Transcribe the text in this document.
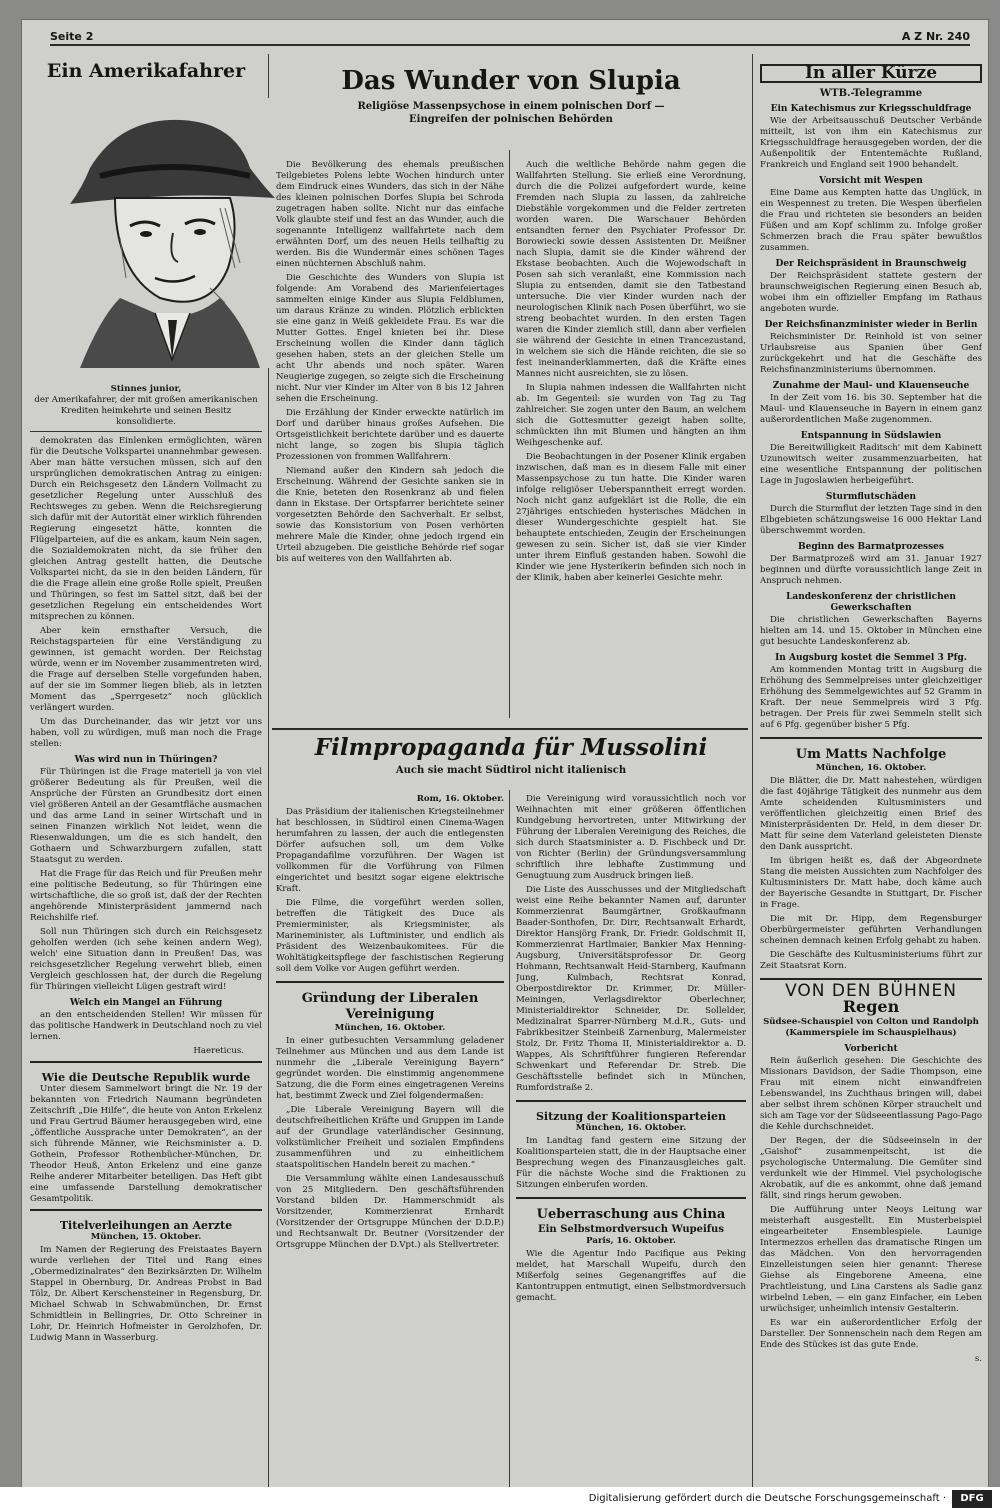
Seite 2	A Z Nr. 240
Ein Amerikafahrer
Stinnes junior,
der Amerikafahrer, der mit großen amerikanischen Krediten heimkehrte und seinen Besitz konsolidierte.

demokraten das Einlenken ermöglichten, wären für die Deutsche Volkspartei unannehmbar gewesen. Aber man hätte versuchen müssen, sich auf den ursprünglichen demokratischen Antrag zu einigen: Durch ein Reichsgesetz den Ländern Vollmacht zu gesetzlicher Regelung unter Ausschluß des Rechtsweges zu geben. Wenn die Reichsregierung sich dafür mit der Autorität einer wirklich führenden Regierung eingesetzt hätte, konnten die Flügelparteien, auf die es ankam, kaum Nein sagen, die Sozialdemokraten nicht, da sie früher den gleichen Antrag gestellt hatten, die Deutsche Volkspartei nicht, da sie in den beiden Ländern, für die die Frage allein eine große Rolle spielt, Preußen und Thüringen, so fest im Sattel sitzt, daß bei der gesetzlichen Regelung ein entscheidendes Wort mitsprechen zu können.

Aber kein ernsthafter Versuch, die Reichstagsparteien für eine Verständigung zu gewinnen, ist gemacht worden. Der Reichstag würde, wenn er im November zusammentreten wird, die Frage auf derselben Stelle vorgefunden haben, auf der sie im Sommer liegen blieb, als in letzten Moment das „Sperrgesetz“ noch glücklich verlängert wurden.

Um das Durcheinander, das wir jetzt vor uns haben, voll zu würdigen, muß man noch die Frage stellen:

Was wird nun in Thüringen?

Für Thüringen ist die Frage materiell ja von viel größerer Bedeutung als für Preußen, weil die Ansprüche der Fürsten an Grundbesitz dort einen viel größeren Anteil an der Gesamtfläche ausmachen und das arme Land in seiner Wirtschaft und in seinen Finanzen wirklich Not leidet, wenn die Riesenwaldungen, um die es sich handelt, den Gothaern und Schwarzburgern zufallen, statt Staatsgut zu werden.

Hat die Frage für das Reich und für Preußen mehr eine politische Bedeutung, so für Thüringen eine wirtschaftliche, die so groß ist, daß der der Rechten angehörende Ministerpräsident jammernd nach Reichshilfe rief.

Soll nun Thüringen sich durch ein Reichsgesetz geholfen werden (ich sehe keinen andern Weg), welch' eine Situation dann in Preußen! Das, was reichsgesetzlicher Regelung verwehrt blieb, einen Vergleich geschlossen hat, der durch die Regelung für Thüringen vielleicht Lügen gestraft wird!

Welch ein Mangel an Führung

an den entscheidenden Stellen! Wir müssen für das politische Handwerk in Deutschland noch zu viel lernen.

Haereticus.
Wie die Deutsche Republik wurde

Unter diesem Sammelwort bringt die Nr. 19 der bekannten von Friedrich Naumann begründeten Zeitschrift „Die Hilfe“, die heute von Anton Erkelenz und Frau Gertrud Bäumer herausgegeben wird, eine „öffentliche Aussprache unter Demokraten“, an der sich führende Männer, wie Reichsminister a. D. Gothein, Professor Rothenbücher-München, Dr. Theodor Heuß, Anton Erkelenz und eine ganze Reihe anderer Mitarbeiter beteiligen. Das Heft gibt eine umfassende Darstellung demokratischer Gesamtpolitik.

Titelverleihungen an Aerzte
München, 15. Oktober.

Im Namen der Regierung des Freistaates Bayern wurde verliehen der Titel und Rang eines „Obermedizinalrates“ den Bezirksärzten Dr. Wilhelm Stappel in Obernburg, Dr. Andreas Probst in Bad Tölz, Dr. Albert Kerschensteiner in Regensburg, Dr. Michael Schwab in Schwabmünchen, Dr. Ernst Schmidtlein in Bellingries, Dr. Otto Schreiner in Lohr, Dr. Heinrich Hofmeister in Gerolzhofen, Dr. Ludwig Mann in Wasserburg.

Das Wunder von Slupia
Religiöse Massenpsychose in einem polnischen Dorf — Eingreifen der polnischen Behörden

Die Bevölkerung des ehemals preußischen Teilgebietes Polens lebte Wochen hindurch unter dem Eindruck eines Wunders, das sich in der Nähe des kleinen polnischen Dorfes Slupia bei Schroda zugetragen haben sollte. Nicht nur das einfache Volk glaubte steif und fest an das Wunder, auch die sogenannte Intelligenz wallfahrtete nach dem erwähnten Dorf, um des neuen Heils teilhaftig zu werden. Bis die Wundermär eines schönen Tages einen nüchternen Abschluß nahm.

Die Geschichte des Wunders von Slupia ist folgende: Am Vorabend des Marienfeiertages sammelten einige Kinder aus Slupia Feldblumen, um daraus Kränze zu winden. Plötzlich erblickten sie eine ganz in Weiß gekleidete Frau. Es war die Mutter Gottes. Engel knieten bei ihr. Diese Erscheinung wollen die Kinder dann täglich gesehen haben, stets an der gleichen Stelle um acht Uhr abends und noch später. Waren Neugierige zugegen, so zeigte sich die Erscheinung nicht. Nur vier Kinder im Alter von 8 bis 12 Jahren sehen die Erscheinung.

Die Erzählung der Kinder erweckte natürlich im Dorf und darüber hinaus großes Aufsehen. Die Ortsgeistlichkeit berichtete darüber und es dauerte nicht lange, so zogen bis Slupia täglich Prozessionen von frommen Wallfahrern.

Niemand außer den Kindern sah jedoch die Erscheinung. Während der Gesichte sanken sie in die Knie, beteten den Rosenkranz ab und fielen dann in Ekstase. Der Ortspfarrer berichtete seiner vorgesetzten Behörde den Sachverhalt. Er selbst, sowie das Konsistorium von Posen verhörten mehrere Male die Kinder, ohne jedoch irgend ein Urteil abzugeben. Die geistliche Behörde rief sogar bis auf weiteres von den Wallfahrten ab.

Auch die weltliche Behörde nahm gegen die Wallfahrten Stellung. Sie erließ eine Verordnung, durch die die Polizei aufgefordert wurde, keine Fremden nach Slupia zu lassen, da zahlreiche Diebstähle vorgekommen und die Felder zertreten worden waren. Die Warschauer Behörden entsandten ferner den Psychiater Professor Dr. Borowiecki sowie dessen Assistenten Dr. Meißner nach Slupia, damit sie die Kinder während der Ekstase beobachten. Auch die Wojewodschaft in Posen sah sich veranlaßt, eine Kommission nach Slupia zu entsenden, damit sie den Tatbestand untersuche. Die vier Kinder wurden nach der neurologischen Klinik nach Posen überführt, wo sie streng beobachtet wurden. In den ersten Tagen waren die Kinder ziemlich still, dann aber verfielen sie während der Gesichte in einen Trancezustand, in welchem sie sich die Hände reichten, die sie so fest ineinanderklammerten, daß die Kräfte eines Mannes nicht ausreichten, sie zu lösen.

In Slupia nahmen indessen die Wallfahrten nicht ab. Im Gegenteil: sie wurden von Tag zu Tag zahlreicher. Sie zogen unter den Baum, an welchem sich die Gottesmutter gezeigt haben sollte, schmückten ihn mit Blumen und hängten an ihm Weihgeschenke auf.

Die Beobachtungen in der Posener Klinik ergaben inzwischen, daß man es in diesem Falle mit einer Massenpsychose zu tun hatte. Die Kinder waren infolge religiöser Ueberspanntheit erregt worden. Noch nicht ganz aufgeklärt ist die Rolle, die ein 27jähriges entschieden hysterisches Mädchen in dieser Wundergeschichte gespielt hat. Sie behauptete entschieden, Zeugin der Erscheinungen gewesen zu sein. Sicher ist, daß sie vier Kinder unter ihrem Einfluß gestanden haben. Sowohl die Kinder wie jene Hysterikerin befinden sich noch in der Klinik, haben aber keinerlei Gesichte mehr.

Filmpropaganda für Mussolini
Auch sie macht Südtirol nicht italienisch
Rom, 16. Oktober.

Das Präsidium der italienischen Kriegsteilnehmer hat beschlossen, in Südtirol einen Cinema-Wagen herumfahren zu lassen, der auch die entlegensten Dörfer aufsuchen soll, um dem Volke Propagandafilme vorzuführen. Der Wagen ist vollkommen für die Vorführung von Filmen eingerichtet und besitzt sogar eigene elektrische Kraft.

Die Filme, die vorgeführt werden sollen, betreffen die Tätigkeit des Duce als Premierminister, als Kriegsminister, als Marineminister, als Luftminister, und endlich als Präsident des Weizenbaukomitees. Für die Wohltätigkeitspflege der faschistischen Regierung soll dem Volke vor Augen geführt werden.

Gründung der Liberalen Vereinigung
München, 16. Oktober.

In einer gutbesuchten Versammlung geladener Teilnehmer aus München und aus dem Lande ist nunmehr die „Liberale Vereinigung Bayern“ gegründet worden. Die einstimmig angenommene Satzung, die die Form eines eingetragenen Vereins hat, bestimmt Zweck und Ziel folgendermaßen:

„Die Liberale Vereinigung Bayern will die deutschfreiheitlichen Kräfte und Gruppen im Lande auf der Grundlage vaterländischer Gesinnung, volkstümlicher Freiheit und sozialen Empfindens zusammenführen und zu einheitlichem staatspolitischen Handeln bereit zu machen.“

Die Versammlung wählte einen Landesausschuß von 25 Mitgliedern. Den geschäftsführenden Vorstand bilden Dr. Hammerschmidt als Vorsitzender, Kommerzienrat Ernhardt (Vorsitzender der Ortsgruppe München der D.D.P.) und Rechtsanwalt Dr. Beutner (Vorsitzender der Ortsgruppe München der D.Vpt.) als Stellvertreter.

Die Vereinigung wird voraussichtlich noch vor Weihnachten mit einer größeren öffentlichen Kundgebung hervortreten, unter Mitwirkung der Führung der Liberalen Vereinigung des Reiches, die sich durch Staatsminister a. D. Fischbeck und Dr. von Richter (Berlin) der Gründungsversammlung schriftlich ihre lebhafte Zustimmung und Genugtuung zum Ausdruck bringen ließ.

Die Liste des Ausschusses und der Mitgliedschaft weist eine Reihe bekannter Namen auf, darunter Kommerzienrat Baumgärtner, Großkaufmann Baader-Sonthofen, Dr. Dirr, Rechtsanwalt Erhardt, Direktor Hansjörg Frank, Dr. Friedr. Goldschmit II, Kommerzienrat Hartlmaier, Bankier Max Henning-Augsburg, Universitätsprofessor Dr. Georg Hohmann, Rechtsanwalt Heid-Starnberg, Kaufmann Jung, Kulmbach, Rechtsrat Konrad, Oberpostdirektor Dr. Krimmer, Dr. Müller-Meiningen, Verlagsdirektor Oberlechner, Ministerialdirektor Schneider, Dr. Sollelder, Medizinalrat Sparrer-Nürnberg M.d.R., Guts- und Fabrikbesitzer Steinbeiß Zarnenburg, Malermeister Stolz, Dr. Fritz Thoma II, Ministerialdirektor a. D. Wappes, Als Schriftführer fungieren Referendar Schwenkart und Referendar Dr. Streb. Die Geschäftsstelle befindet sich in München, Rumfordstraße 2.

Sitzung der Koalitionsparteien
München, 16. Oktober.

Im Landtag fand gestern eine Sitzung der Koalitionsparteien statt, die in der Hauptsache einer Besprechung wegen des Finanzausgleiches galt. Für die nächste Woche sind die Fraktionen zu Sitzungen einberufen worden.

Ueberraschung aus China
Ein Selbstmordversuch Wupeifus
Paris, 16. Oktober.

Wie die Agentur Indo Pacifique aus Peking meldet, hat Marschall Wupeifu, durch den Mißerfolg seines Gegenangriffes auf die Kantontruppen entmutigt, einen Selbstmordversuch gemacht.

In aller Kürze
WTB.-Telegramme
Ein Katechismus zur Kriegsschuldfrage

Wie der Arbeitsausschuß Deutscher Verbände mitteilt, ist von ihm ein Katechismus zur Kriegsschuldfrage herausgegeben worden, der die Außenpolitik der Ententemächte Rußland, Frankreich und England seit 1900 behandelt.

Vorsicht mit Wespen

Eine Dame aus Kempten hatte das Unglück, in ein Wespennest zu treten. Die Wespen überfielen die Frau und richteten sie besonders an beiden Füßen und am Kopf schlimm zu. Infolge großer Schmerzen brach die Frau später bewußtlos zusammen.

Der Reichspräsident in Braunschweig

Der Reichspräsident stattete gestern der braunschweigischen Regierung einen Besuch ab, wobei ihm ein offizieller Empfang im Rathaus angeboten wurde.

Der Reichsfinanzminister wieder in Berlin

Reichsminister Dr. Reinhold ist von seiner Urlaubsreise aus Spanien über Genf zurückgekehrt und hat die Geschäfte des Reichsfinanzministeriums übernommen.

Zunahme der Maul- und Klauenseuche

In der Zeit vom 16. bis 30. September hat die Maul- und Klauenseuche in Bayern in einem ganz außerordentlichen Maße zugenommen.

Entspannung in Südslawien

Die Bereitwilligkeit Raditsch' mit dem Kabinett Uzunowitsch weiter zusammenzuarbeiten, hat eine wesentliche Entspannung der politischen Lage in Jugoslawien herbeigeführt.

Sturmflutschäden

Durch die Sturmflut der letzten Tage sind in den Elbgebieten schätzungsweise 16 000 Hektar Land überschwemmt worden.

Beginn des Barmatprozesses

Der Barmatprozeß wird am 31. Januar 1927 beginnen und dürfte voraussichtlich lange Zeit in Anspruch nehmen.

Landeskonferenz der christlichen Gewerkschaften

Die christlichen Gewerkschaften Bayerns hielten am 14. und 15. Oktober in München eine gut besuchte Landeskonferenz ab.

In Augsburg kostet die Semmel 3 Pfg.

Am kommenden Montag tritt in Augsburg die Erhöhung des Semmelpreises unter gleichzeitiger Erhöhung des Semmelgewichtes auf 52 Gramm in Kraft. Der neue Semmelpreis wird 3 Pfg. betragen. Der Preis für zwei Semmeln stellt sich auf 6 Pfg. gegenüber bisher 5 Pfg.

Um Matts Nachfolge
München, 16. Oktober.

Die Blätter, die Dr. Matt nahestehen, würdigen die fast 40jährige Tätigkeit des nunmehr aus dem Amte scheidenden Kultusministers und veröffentlichen gleichzeitig einen Brief des Ministerpräsidenten Dr. Held, in dem dieser Dr. Matt für seine dem Vaterland geleisteten Dienste den Dank ausspricht.

Im übrigen heißt es, daß der Abgeordnete Stang die meisten Aussichten zum Nachfolger des Kultusministers Dr. Matt habe, doch käme auch der Bayerische Gesandte in Stuttgart, Dr. Fischer in Frage.

Die mit Dr. Hipp, dem Regensburger Oberbürgermeister geführten Verhandlungen scheinen demnach keinen Erfolg gehabt zu haben.

Die Geschäfte des Kultusministeriums führt zur Zeit Staatsrat Korn.

VON DEN BÜHNEN
Regen
Südsee-Schauspiel von Colton und Randolph (Kammerspiele im Schauspielhaus)
Vorbericht

Rein äußerlich gesehen: Die Geschichte des Missionars Davidson, der Sadie Thompson, eine Frau mit einem nicht einwandfreien Lebenswandel, ins Zuchthaus bringen will, dabei aber selbst ihrem schönen Körper strauchelt und sich am Tage vor der Südseeentlassung Pago-Pago die Kehle durchschneidet.

Der Regen, der die Südseeinseln in der „Gaishof“ zusammenpeitscht, ist die psychologische Untermalung. Die Gemüter sind verdunkelt wie der Himmel. Viel psychologische Akrobatik, auf die es ankommt, ohne daß jemand fällt, sind rings herum gewoben.

Die Aufführung unter Neoys Leitung war meisterhaft ausgestellt. Ein Musterbeispiel eingearbeiteter Ensemblespiele. Launige Intermezzos erhellen das dramatische Ringen um das Mädchen. Von den hervorragenden Einzelleistungen seien hier genannt: Therese Giehse als Eingeborene Ameena, eine Prachtleistung, und Lina Carstens als Sadie ganz wirbelnd Leben, — ein ganz Einfacher, ein Leben urwüchsiger, unheimlich intensiv Gestalterin.

Es war ein außerordentlicher Erfolg der Darsteller. Der Sonnenschein nach dem Regen am Ende des Stückes ist das gute Ende.

s.
Digitalisierung gefördert durch die Deutsche Forschungsgemeinschaft ·	DFG
